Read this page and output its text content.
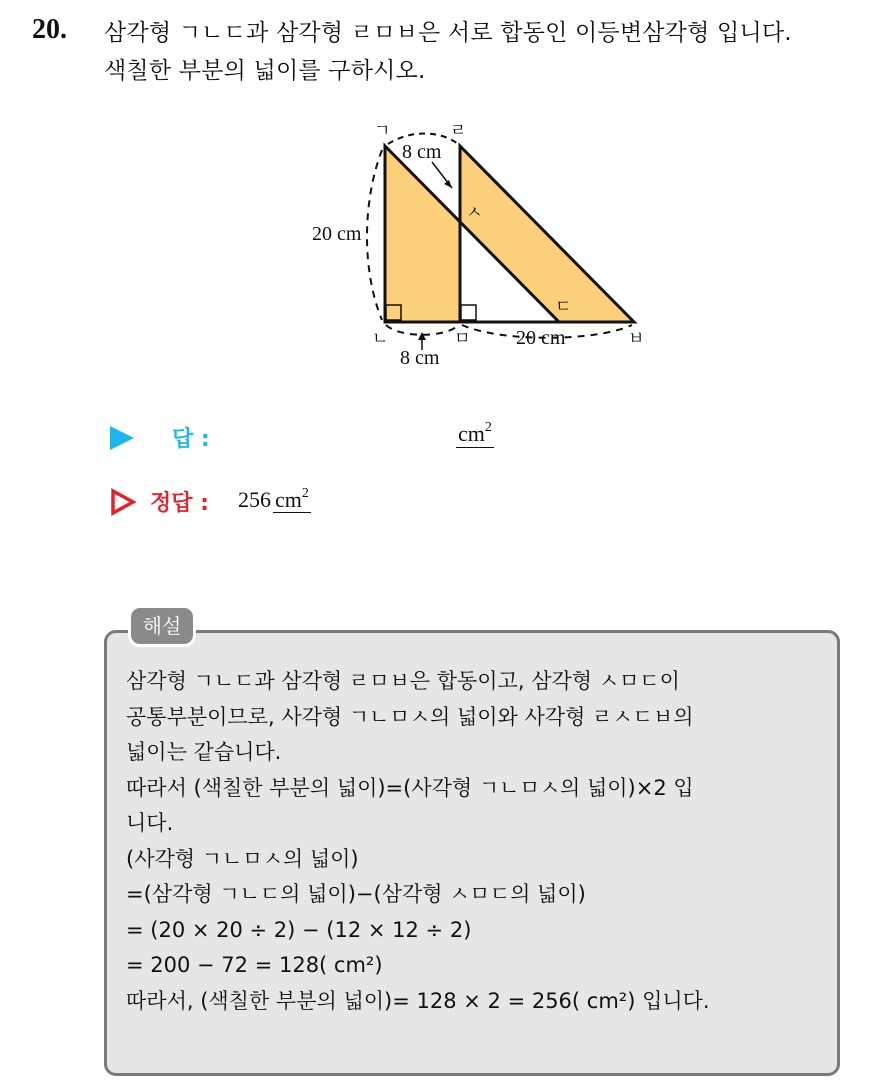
20. 삼각형 ㄱㄴㄷ과 삼각형 ㄹㅁㅂ은 서로 합동인 이등변삼각형 입니다.
색칠한 부분의 넓이를 구하시오.
ㄱ	ㄹ
ㅅ
ㄷ
ㄴ	ㅁ	ㅂ
8 cm
20 cm
20 cm
8 cm
답 :	$cm^2$
정답 : 256 $cm^2$
해설
삼각형 ㄱㄴㄷ과 삼각형 ㄹㅁㅂ은 합동이고, 삼각형 ㅅㅁㄷ이
공통부분이므로, 사각형 ㄱㄴㅁㅅ의 넓이와 사각형 ㄹㅅㄷㅂ의
넓이는 같습니다.
따라서 (색칠한 부분의 넓이)=(사각형 ㄱㄴㅁㅅ의 넓이)×2 입
니다.
(사각형 ㄱㄴㅁㅅ의 넓이)
=(삼각형 ㄱㄴㄷ의 넓이)−(삼각형 ㅅㅁㄷ의 넓이)
= (20 × 20 ÷ 2) − (12 × 12 ÷ 2)
= 200 − 72 = 128( cm²)
따라서, (색칠한 부분의 넓이)= 128 × 2 = 256( cm²) 입니다.
